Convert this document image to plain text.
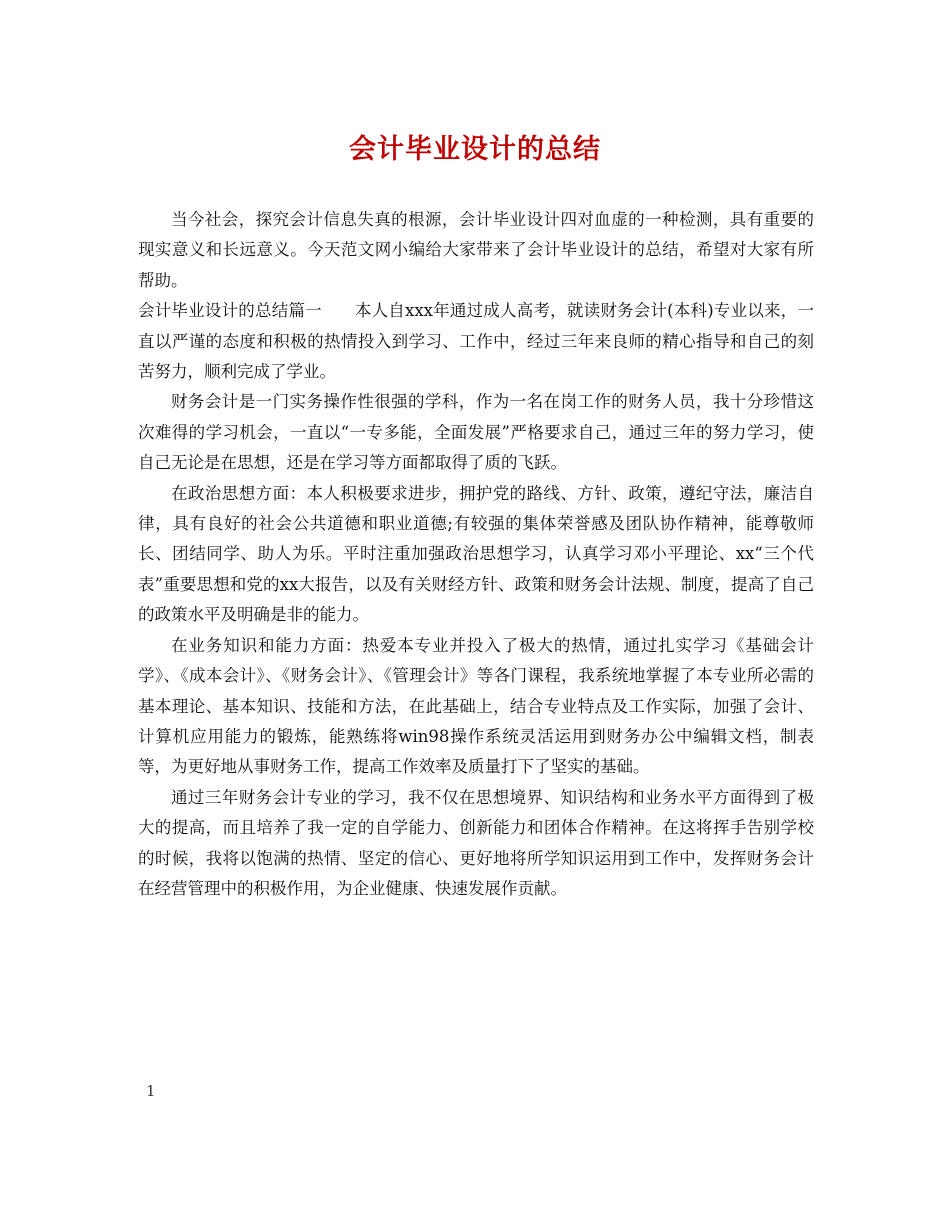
会计毕业设计的总结

当今社会，探究会计信息失真的根源，会计毕业设计四对血虚的一种检测，具有重要的现实意义和长远意义。今天范文网小编给大家带来了会计毕业设计的总结，希望对大家有所帮助。

会计毕业设计的总结篇一 本人自xxx年通过成人高考，就读财务会计(本科)专业以来，一直以严谨的态度和积极的热情投入到学习、工作中，经过三年来良师的精心指导和自己的刻苦努力，顺利完成了学业。

财务会计是一门实务操作性很强的学科，作为一名在岗工作的财务人员，我十分珍惜这次难得的学习机会，一直以“一专多能，全面发展”严格要求自己，通过三年的努力学习，使自己无论是在思想，还是在学习等方面都取得了质的飞跃。

在政治思想方面：本人积极要求进步，拥护党的路线、方针、政策，遵纪守法，廉洁自律，具有良好的社会公共道德和职业道德;有较强的集体荣誉感及团队协作精神，能尊敬师长、团结同学、助人为乐。平时注重加强政治思想学习，认真学习邓小平理论、xx“三个代表”重要思想和党的xx大报告，以及有关财经方针、政策和财务会计法规、制度，提高了自己的政策水平及明确是非的能力。

在业务知识和能力方面：热爱本专业并投入了极大的热情，通过扎实学习《基础会计学》、《成本会计》、《财务会计》、《管理会计》等各门课程，我系统地掌握了本专业所必需的基本理论、基本知识、技能和方法，在此基础上，结合专业特点及工作实际，加强了会计、计算机应用能力的锻炼，能熟练将win98操作系统灵活运用到财务办公中编辑文档，制表等，为更好地从事财务工作，提高工作效率及质量打下了坚实的基础。

通过三年财务会计专业的学习，我不仅在思想境界、知识结构和业务水平方面得到了极大的提高，而且培养了我一定的自学能力、创新能力和团体合作精神。在这将挥手告别学校的时候，我将以饱满的热情、坚定的信心、更好地将所学知识运用到工作中，发挥财务会计在经营管理中的积极作用，为企业健康、快速发展作贡献。

1
